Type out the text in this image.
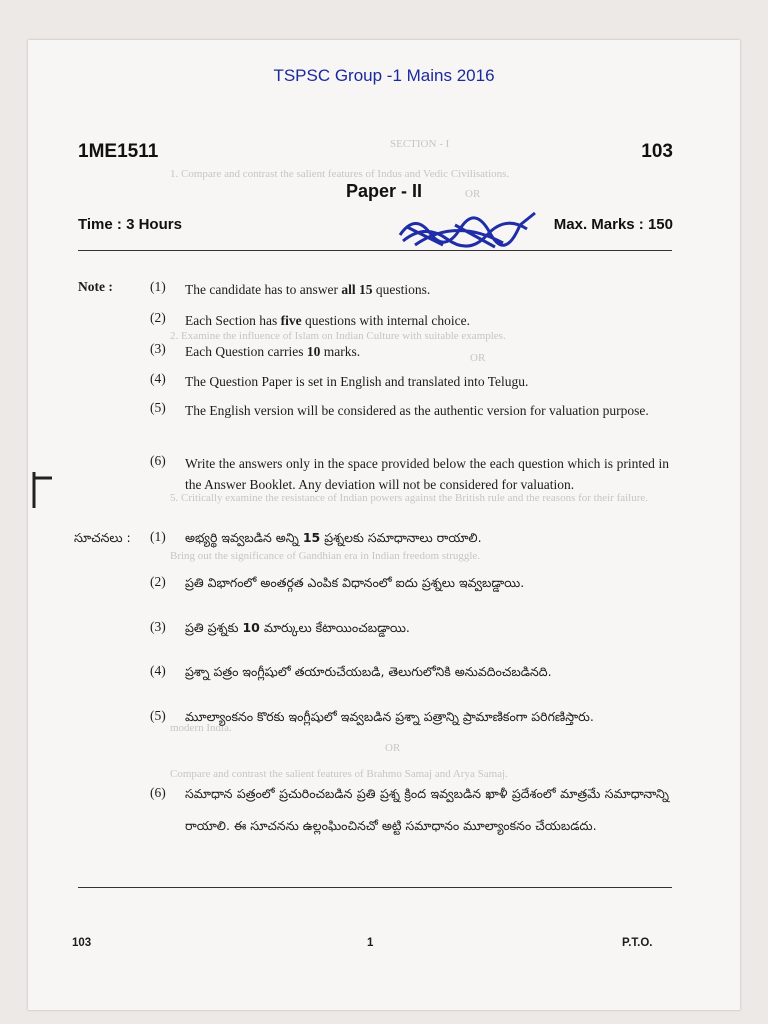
SECTION - I
1. Compare and contrast the salient features of Indus and Vedic Civilisations.
OR
2. Examine the influence of Islam on Indian Culture with suitable examples.
OR
5. Critically examine the resistance of Indian powers against the British rule and the reasons for their failure.
Bring out the significance of Gandhian era in Indian freedom struggle.
modern India.
OR
Compare and contrast the salient features of Brahmo Samaj and Arya Samaj.
TSPSC Group -1 Mains 2016
1ME1511	103
Paper - II
Time : 3 Hours	Max. Marks : 150
Note :	(1) The candidate has to answer all 15 questions.
(2) Each Section has five questions with internal choice.
(3) Each Question carries 10 marks.
(4) The Question Paper is set in English and translated into Telugu.
(5) The English version will be considered as the authentic version for valuation purpose.
(6) Write the answers only in the space provided below the each question which is printed in the Answer Booklet. Any deviation will not be considered for valuation.
సూచనలు : (1) అభ్యర్థి ఇవ్వబడిన అన్ని 15 ప్రశ్నలకు సమాధానాలు రాయాలి.
(2) ప్రతి విభాగంలో అంతర్గత ఎంపిక విధానంలో ఐదు ప్రశ్నలు ఇవ్వబడ్డాయి.
(3) ప్రతి ప్రశ్నకు 10 మార్కులు కేటాయించబడ్డాయి.
(4) ప్రశ్నా పత్రం ఇంగ్లీషులో తయారుచేయబడి, తెలుగులోనికి అనువదించబడినది.
(5) మూల్యాంకనం కొరకు ఇంగ్లీషులో ఇవ్వబడిన ప్రశ్నా పత్రాన్ని ప్రామాణికంగా పరిగణిస్తారు.
(6) సమాధాన పత్రంలో ప్రచురించబడిన ప్రతి ప్రశ్న క్రింద ఇవ్వబడిన ఖాళీ ప్రదేశంలో మాత్రమే సమాధానాన్ని రాయాలి. ఈ సూచనను ఉల్లంఘించినచో అట్టి సమాధానం మూల్యాంకనం చేయబడదు.
103	1	P.T.O.
